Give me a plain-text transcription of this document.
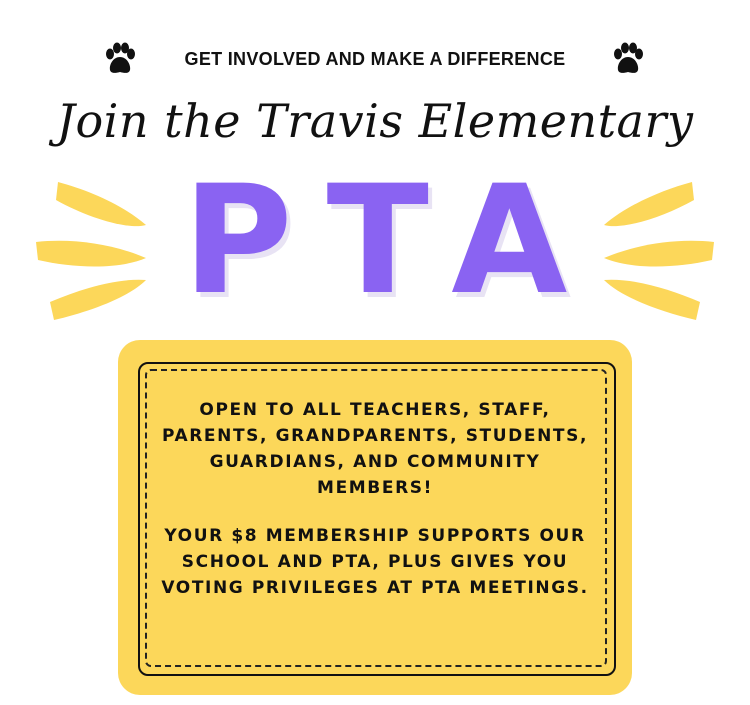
GET INVOLVED AND MAKE A DIFFERENCE
Join the Travis Elementary
PTA
OPEN TO ALL TEACHERS, STAFF, PARENTS, GRANDPARENTS, STUDENTS, GUARDIANS, AND COMMUNITY MEMBERS!
YOUR $8 MEMBERSHIP SUPPORTS OUR SCHOOL AND PTA, PLUS GIVES YOU VOTING PRIVILEGES AT PTA MEETINGS.
